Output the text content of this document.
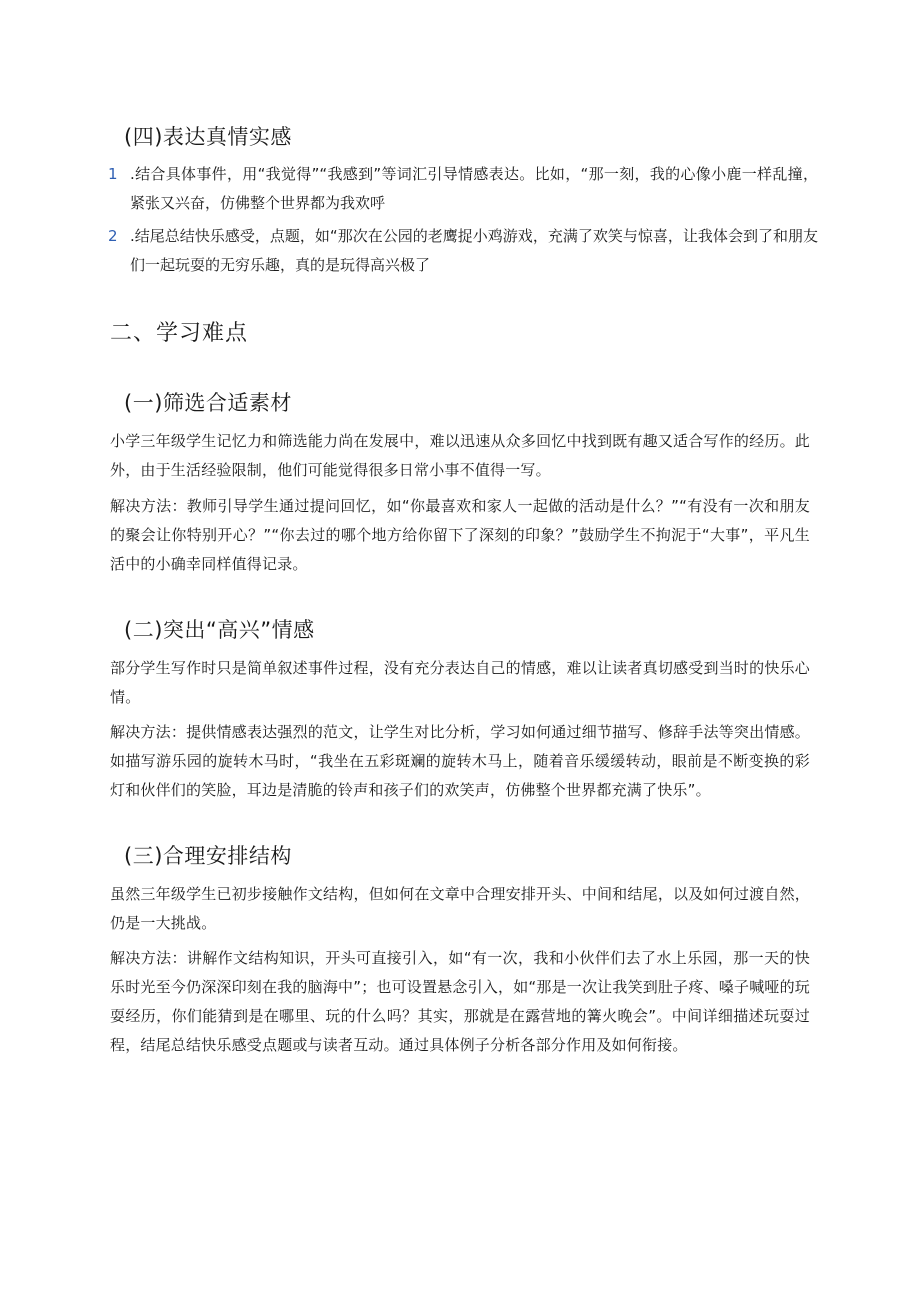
(四)表达真情实感
1 .结合具体事件，用“我觉得”“我感到”等词汇引导情感表达。比如，“那一刻，我的心像小鹿一样乱撞，紧张又兴奋，仿佛整个世界都为我欢呼
2 .结尾总结快乐感受，点题，如“那次在公园的老鹰捉小鸡游戏，充满了欢笑与惊喜，让我体会到了和朋友们一起玩耍的无穷乐趣，真的是玩得高兴极了
二、学习难点
(一)筛选合适素材
小学三年级学生记忆力和筛选能力尚在发展中，难以迅速从众多回忆中找到既有趣又适合写作的经历。此外，由于生活经验限制，他们可能觉得很多日常小事不值得一写。
解决方法：教师引导学生通过提问回忆，如“你最喜欢和家人一起做的活动是什么？”“有没有一次和朋友的聚会让你特别开心？”“你去过的哪个地方给你留下了深刻的印象？”鼓励学生不拘泥于“大事”，平凡生活中的小确幸同样值得记录。
(二)突出“高兴”情感
部分学生写作时只是简单叙述事件过程，没有充分表达自己的情感，难以让读者真切感受到当时的快乐心情。
解决方法：提供情感表达强烈的范文，让学生对比分析，学习如何通过细节描写、修辞手法等突出情感。如描写游乐园的旋转木马时，“我坐在五彩斑斓的旋转木马上，随着音乐缓缓转动，眼前是不断变换的彩灯和伙伴们的笑脸，耳边是清脆的铃声和孩子们的欢笑声，仿佛整个世界都充满了快乐”。
(三)合理安排结构
虽然三年级学生已初步接触作文结构，但如何在文章中合理安排开头、中间和结尾，以及如何过渡自然，仍是一大挑战。
解决方法：讲解作文结构知识，开头可直接引入，如“有一次，我和小伙伴们去了水上乐园，那一天的快乐时光至今仍深深印刻在我的脑海中”；也可设置悬念引入，如“那是一次让我笑到肚子疼、嗓子喊哑的玩耍经历，你们能猜到是在哪里、玩的什么吗？其实，那就是在露营地的篝火晚会”。中间详细描述玩耍过程，结尾总结快乐感受点题或与读者互动。通过具体例子分析各部分作用及如何衔接。
